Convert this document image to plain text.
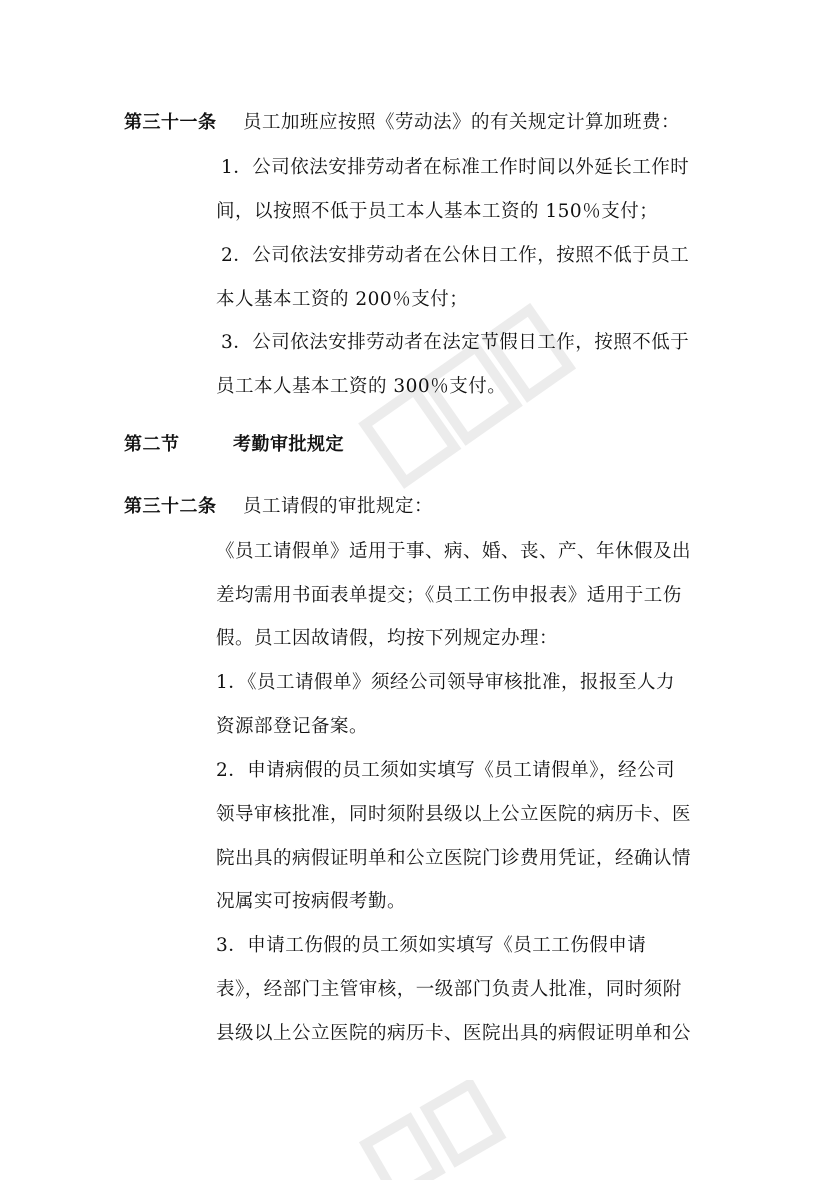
第三十一条 员工加班应按照《劳动法》的有关规定计算加班费：
1．公司依法安排劳动者在标准工作时间以外延长工作时
间，以按照不低于员工本人基本工资的 150％支付；
2．公司依法安排劳动者在公休日工作，按照不低于员工
本人基本工资的 200％支付；
3．公司依法安排劳动者在法定节假日工作，按照不低于
员工本人基本工资的 300％支付。
第二节	考勤审批规定
第三十二条 员工请假的审批规定：
《员工请假单》适用于事、病、婚、丧、产、年休假及出
差均需用书面表单提交；《员工工伤申报表》适用于工伤
假。员工因故请假，均按下列规定办理：
1．《员工请假单》须经公司领导审核批准，报报至人力
资源部登记备案。
2．申请病假的员工须如实填写《员工请假单》，经公司
领导审核批准，同时须附县级以上公立医院的病历卡、医
院出具的病假证明单和公立医院门诊费用凭证，经确认情
况属实可按病假考勤。
3．申请工伤假的员工须如实填写《员工工伤假申请
表》，经部门主管审核，一级部门负责人批准，同时须附
县级以上公立医院的病历卡、医院出具的病假证明单和公
